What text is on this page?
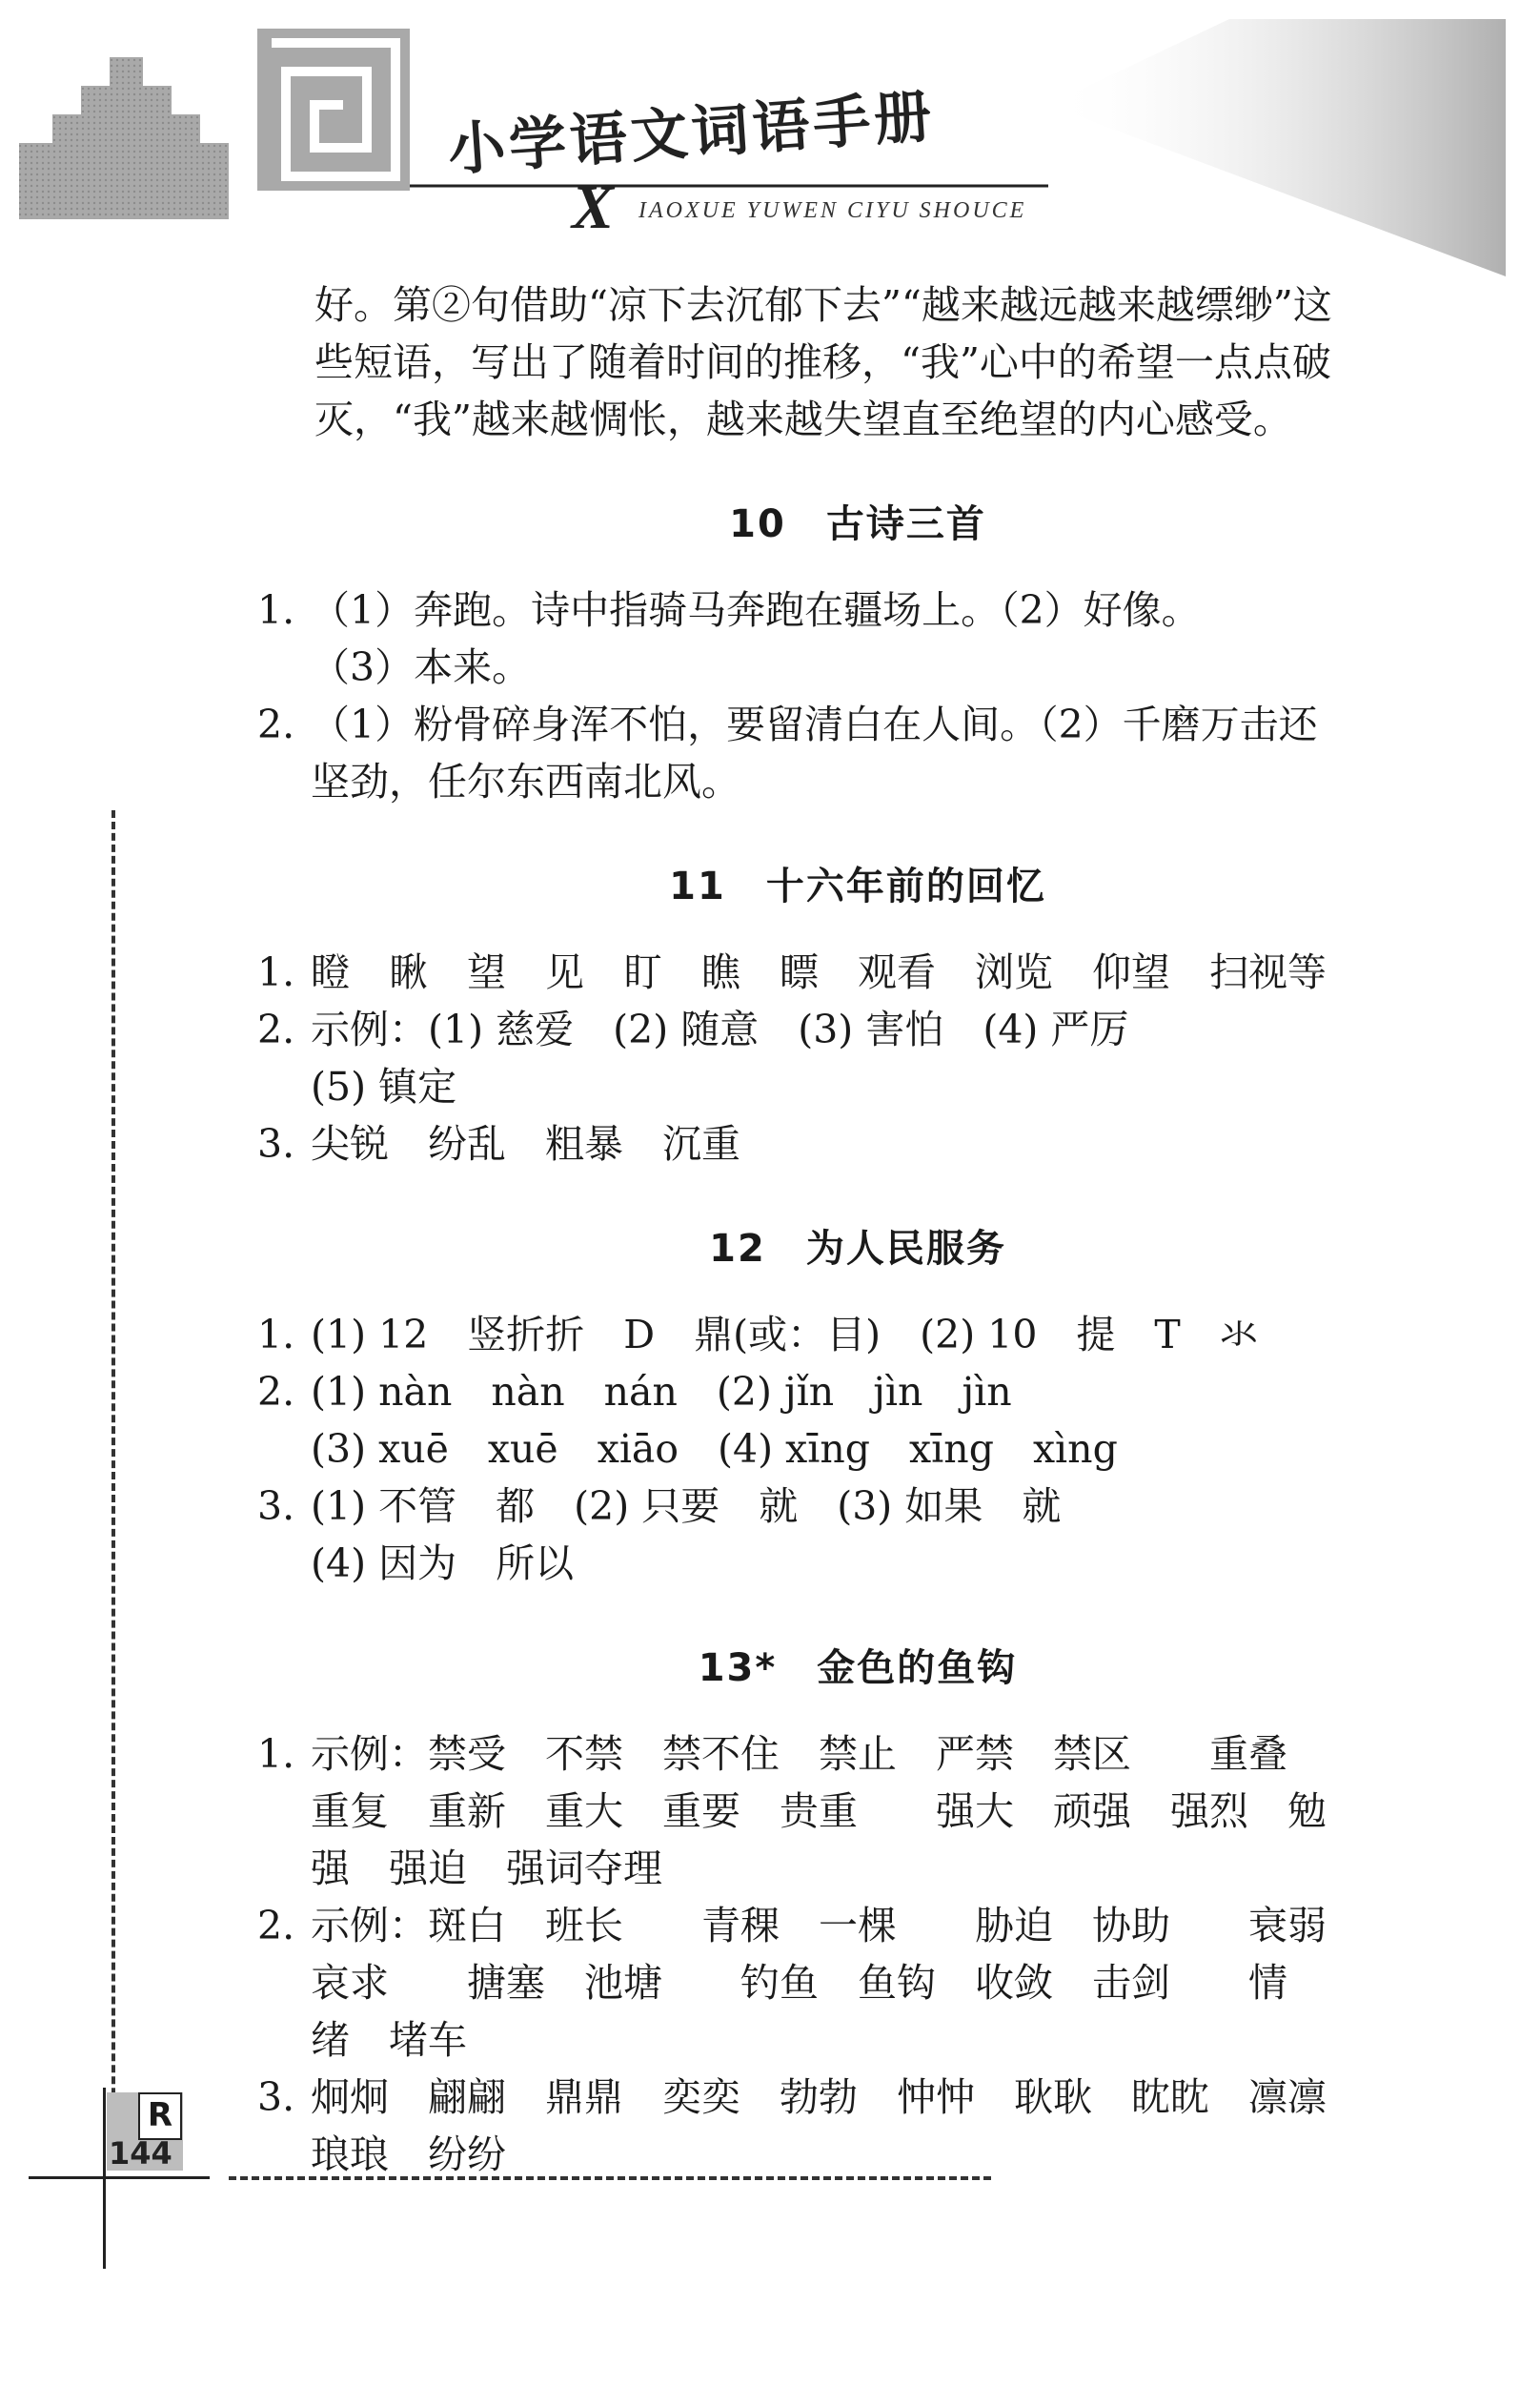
小学语文词语手册
X IAOXUE YUWEN CIYU SHOUCE

好。第②句借助“凉下去沉郁下去”“越来越远越来越缥缈”这

些短语，写出了随着时间的推移，“我”心中的希望一点点破

灭，“我”越来越惆怅，越来越失望直至绝望的内心感受。

10　古诗三首
1. （1）奔跑。诗中指骑马奔跑在疆场上。（2）好像。
（3）本来。
2. （1）粉骨碎身浑不怕，要留清白在人间。（2）千磨万击还
坚劲，任尔东西南北风。
11　十六年前的回忆
1. 瞪　瞅　望　见　盯　瞧　瞟　观看　浏览　仰望　扫视等
2. 示例：(1) 慈爱　(2) 随意　(3) 害怕　(4) 严厉
(5) 镇定
3. 尖锐　纷乱　粗暴　沉重
12　为人民服务
1. (1) 12　竖折折　D　鼎(或：目)　(2) 10　提　T　氺
2. (1) nàn　nàn　nán　(2) jǐn　jìn　jìn
(3) xuē　xuē　xiāo　(4) xīng　xīng　xìng
3. (1) 不管　都　(2) 只要　就　(3) 如果　就
(4) 因为　所以
13*　金色的鱼钩
1. 示例：禁受　不禁　禁不住　禁止　严禁　禁区　　重叠
重复　重新　重大　重要　贵重　　强大　顽强　强烈　勉
强　强迫　强词夺理
2. 示例：斑白　班长　　青稞　一棵　　胁迫　协助　　衰弱
哀求　　搪塞　池塘　　钓鱼　鱼钩　收敛　击剑　　情
绪　堵车
3. 炯炯　翩翩　鼎鼎　奕奕　勃勃　忡忡　耿耿　眈眈　凛凛
琅琅　纷纷
R
144
